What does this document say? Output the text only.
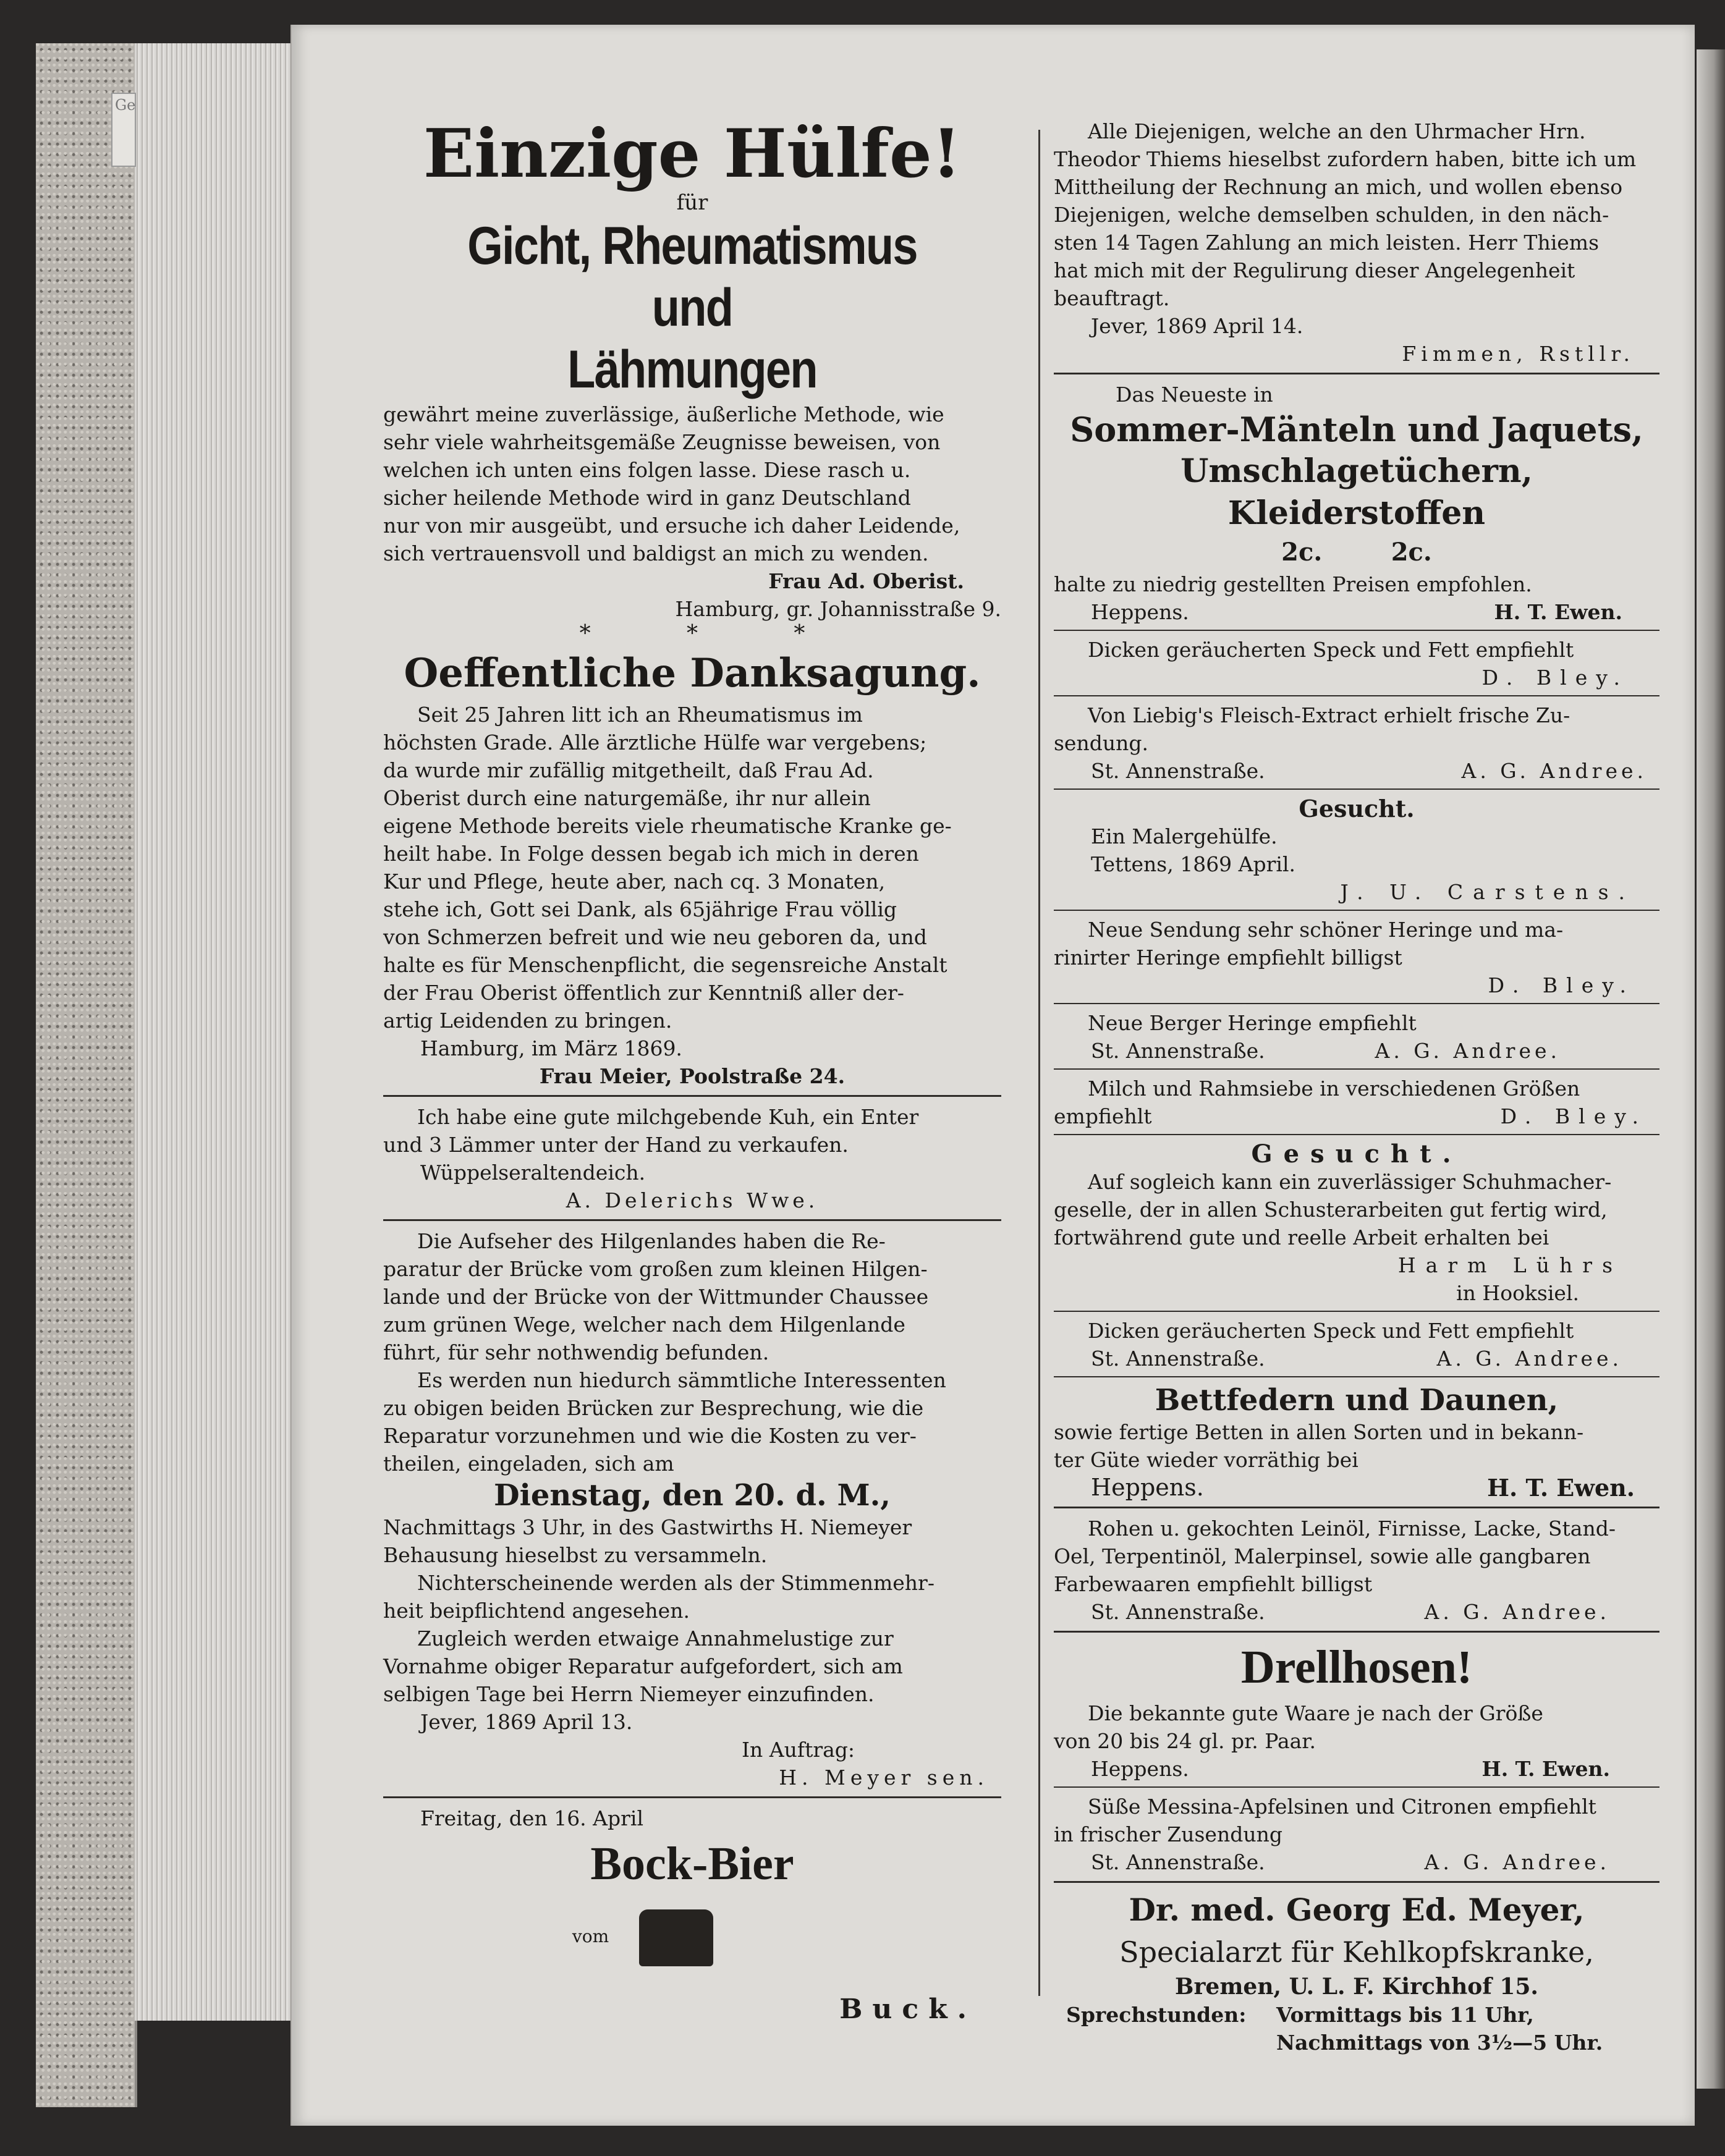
Ge

Einzige Hülfe!

für

Gicht, Rheumatismus und

Lähmungen

gewährt meine zuverlässige, äußerliche Methode, wie

sehr viele wahrheitsgemäße Zeugnisse beweisen, von

welchen ich unten eins folgen lasse. Diese rasch u.

sicher heilende Methode wird in ganz Deutschland

nur von mir ausgeübt, und ersuche ich daher Leidende,

sich vertrauensvoll und baldigst an mich zu wenden.

Frau Ad. Oberist.

Hamburg, gr. Johannisstraße 9.

*	*	*

Oeffentliche Danksagung.

Seit 25 Jahren litt ich an Rheumatismus im

höchsten Grade. Alle ärztliche Hülfe war vergebens;

da wurde mir zufällig mitgetheilt, daß Frau Ad.

Oberist durch eine naturgemäße, ihr nur allein

eigene Methode bereits viele rheumatische Kranke ge-

heilt habe. In Folge dessen begab ich mich in deren

Kur und Pflege, heute aber, nach cq. 3 Monaten,

stehe ich, Gott sei Dank, als 65jährige Frau völlig

von Schmerzen befreit und wie neu geboren da, und

halte es für Menschenpflicht, die segensreiche Anstalt

der Frau Oberist öffentlich zur Kenntniß aller der-

artig Leidenden zu bringen.

Hamburg, im März 1869.

Frau Meier, Poolstraße 24.

Ich habe eine gute milchgebende Kuh, ein Enter

und 3 Lämmer unter der Hand zu verkaufen.

Wüppelseraltendeich.

A. Delerichs Wwe.

Die Aufseher des Hilgenlandes haben die Re-

paratur der Brücke vom großen zum kleinen Hilgen-

lande und der Brücke von der Wittmunder Chaussee

zum grünen Wege, welcher nach dem Hilgenlande

führt, für sehr nothwendig befunden.

Es werden nun hiedurch sämmtliche Interessenten

zu obigen beiden Brücken zur Besprechung, wie die

Reparatur vorzunehmen und wie die Kosten zu ver-

theilen, eingeladen, sich am

Dienstag, den 20. d. M.,

Nachmittags 3 Uhr, in des Gastwirths H. Niemeyer

Behausung hieselbst zu versammeln.

Nichterscheinende werden als der Stimmenmehr-

heit beipflichtend angesehen.

Zugleich werden etwaige Annahmelustige zur

Vornahme obiger Reparatur aufgefordert, sich am

selbigen Tage bei Herrn Niemeyer einzufinden.

Jever, 1869 April 13.

In Auftrag:

H. Meyer sen.

Freitag, den 16. April

Bock-Bier

vom

Buck.

Alle Diejenigen, welche an den Uhrmacher Hrn.

Theodor Thiems hieselbst zufordern haben, bitte ich um

Mittheilung der Rechnung an mich, und wollen ebenso

Diejenigen, welche demselben schulden, in den näch-

sten 14 Tagen Zahlung an mich leisten. Herr Thiems

hat mich mit der Regulirung dieser Angelegenheit

beauftragt.

Jever, 1869 April 14.

Fimmen, Rstllr.

Das Neueste in

Sommer-Mänteln und Jaquets,

Umschlagetüchern, Kleiderstoffen

2c.        2c.

halte zu niedrig gestellten Preisen empfohlen.

Heppens.	H. T. Ewen.

Dicken geräucherten Speck und Fett empfiehlt

D. Bley.

Von Liebig's Fleisch-Extract erhielt frische Zu-

sendung.

St. Annenstraße.	A. G. Andree.

Gesucht.

Ein Malergehülfe.

Tettens, 1869 April.

J. U. Carstens.

Neue Sendung sehr schöner Heringe und ma-

rinirter Heringe empfiehlt billigst

D. Bley.

Neue Berger Heringe empfiehlt

St. Annenstraße.	A. G. Andree.

Milch und Rahmsiebe in verschiedenen Größen

empfiehlt	D. Bley.

Gesucht.

Auf sogleich kann ein zuverlässiger Schuhmacher-

geselle, der in allen Schusterarbeiten gut fertig wird,

fortwährend gute und reelle Arbeit erhalten bei

Harm Lührs

in Hooksiel.

Dicken geräucherten Speck und Fett empfiehlt

St. Annenstraße.	A. G. Andree.

Bettfedern und Daunen,

sowie fertige Betten in allen Sorten und in bekann-

ter Güte wieder vorräthig bei

Heppens.	H. T. Ewen.

Rohen u. gekochten Leinöl, Firnisse, Lacke, Stand-

Oel, Terpentinöl, Malerpinsel, sowie alle gangbaren

Farbewaaren empfiehlt billigst

St. Annenstraße.	A. G. Andree.

Drellhosen!

Die bekannte gute Waare je nach der Größe

von 20 bis 24 gl. pr. Paar.

Heppens.	H. T. Ewen.

Süße Messina-Apfelsinen und Citronen empfiehlt

in frischer Zusendung

St. Annenstraße.	A. G. Andree.

Dr. med. Georg Ed. Meyer,

Specialarzt für Kehlkopfskranke,

Bremen, U. L. F. Kirchhof 15.

Sprechstunden:	Vormittags bis 11 Uhr,

Nachmittags von 3½—5 Uhr.
